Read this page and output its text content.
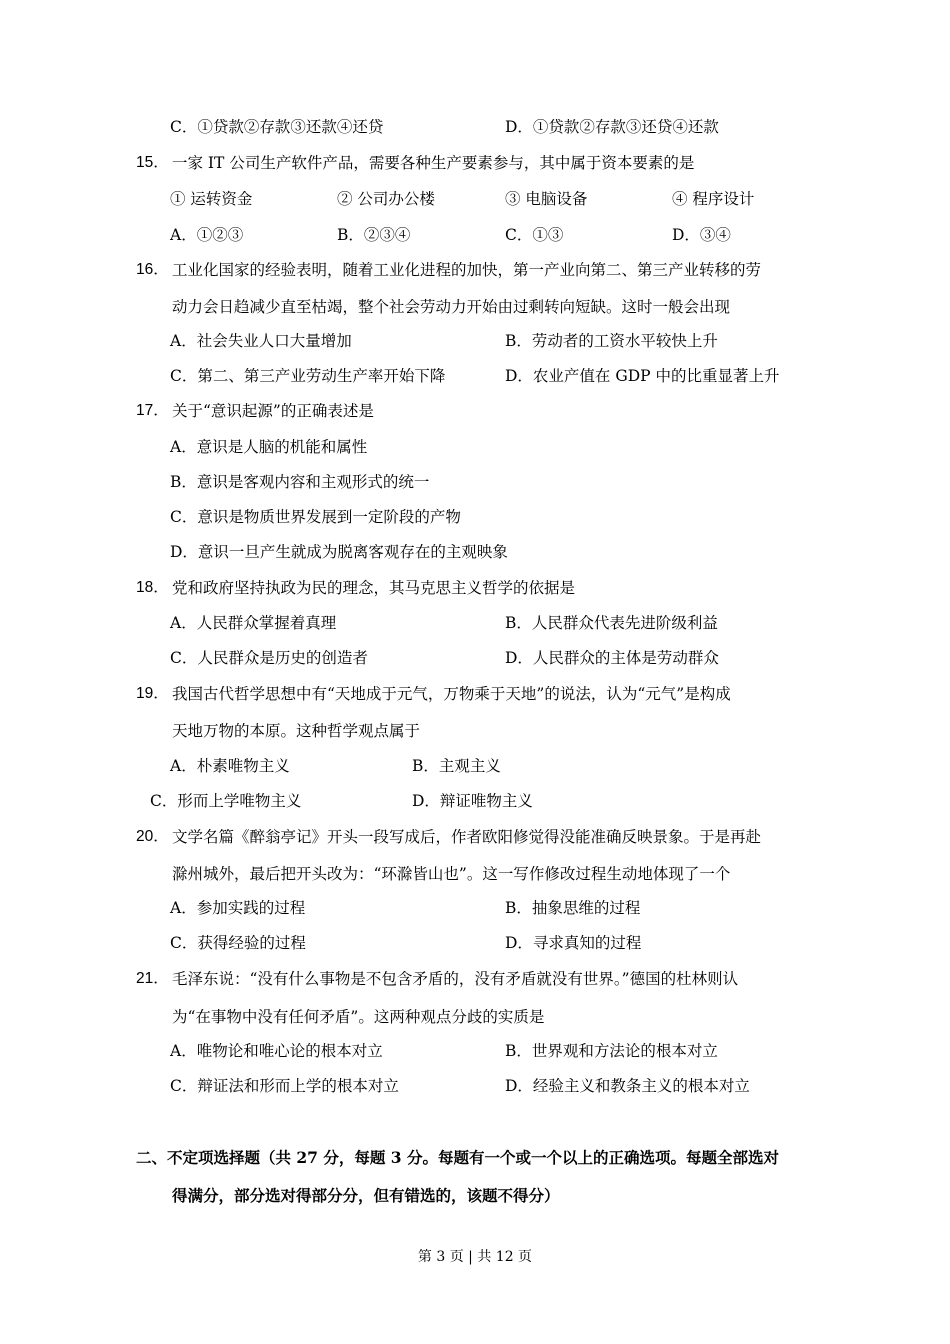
C．①贷款②存款③还款④还贷	D．①贷款②存款③还贷④还款
15． 一家 IT 公司生产软件产品，需要各种生产要素参与，其中属于资本要素的是
① 运转资金	② 公司办公楼	③ 电脑设备	④ 程序设计
A．①②③	B．②③④	C．①③	D．③④
16． 工业化国家的经验表明，随着工业化进程的加快，第一产业向第二、第三产业转移的劳
动力会日趋减少直至枯竭，整个社会劳动力开始由过剩转向短缺。这时一般会出现
A．社会失业人口大量增加	B．劳动者的工资水平较快上升
C．第二、第三产业劳动生产率开始下降	D．农业产值在 GDP 中的比重显著上升
17． 关于“意识起源”的正确表述是
A．意识是人脑的机能和属性
B．意识是客观内容和主观形式的统一
C．意识是物质世界发展到一定阶段的产物
D．意识一旦产生就成为脱离客观存在的主观映象
18． 党和政府坚持执政为民的理念，其马克思主义哲学的依据是
A．人民群众掌握着真理	B．人民群众代表先进阶级利益
C．人民群众是历史的创造者	D．人民群众的主体是劳动群众
19． 我国古代哲学思想中有“天地成于元气，万物乘于天地”的说法，认为“元气”是构成
天地万物的本原。这种哲学观点属于
A．朴素唯物主义	B．主观主义
C．形而上学唯物主义	D．辩证唯物主义
20． 文学名篇《醉翁亭记》开头一段写成后，作者欧阳修觉得没能准确反映景象。于是再赴
滁州城外，最后把开头改为：“环滁皆山也”。这一写作修改过程生动地体现了一个
A．参加实践的过程	B．抽象思维的过程
C．获得经验的过程	D．寻求真知的过程
21． 毛泽东说：“没有什么事物是不包含矛盾的，没有矛盾就没有世界。”德国的杜林则认
为“在事物中没有任何矛盾”。这两种观点分歧的实质是
A．唯物论和唯心论的根本对立	B．世界观和方法论的根本对立
C．辩证法和形而上学的根本对立	D．经验主义和教条主义的根本对立
二、不定项选择题（共 27 分，每题 3 分。每题有一个或一个以上的正确选项。每题全部选对
得满分，部分选对得部分分，但有错选的，该题不得分）
第 3 页 | 共 12 页
